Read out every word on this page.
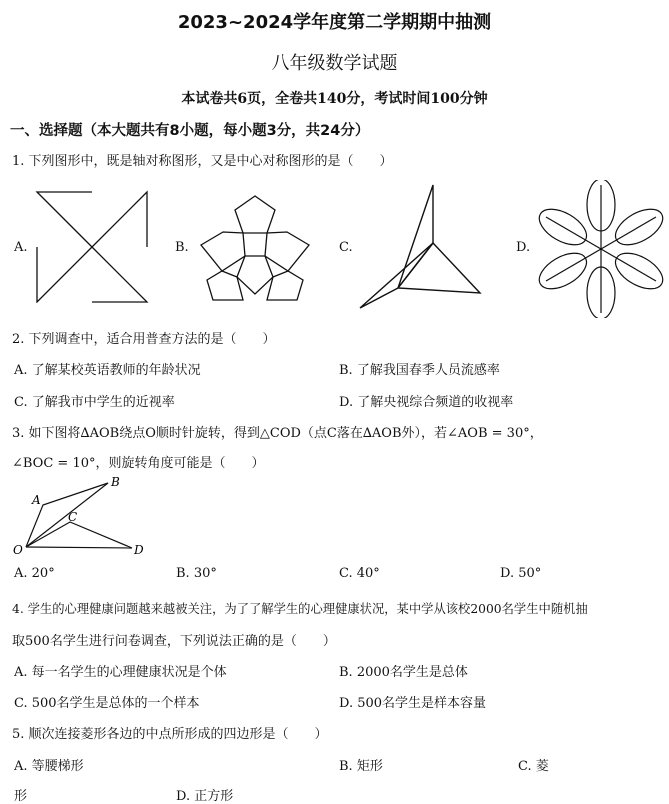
2023~2024学年度第二学期期中抽测
八年级数学试题
本试卷共6页，全卷共140分，考试时间100分钟
一、选择题（本大题共有8小题，每小题3分，共24分）
1. 下列图形中，既是轴对称图形，又是中心对称图形的是（　　）
A.	B.	C.	D.
2. 下列调查中，适合用普查方法的是（　　）
A. 了解某校英语教师的年龄状况	B. 了解我国春季人员流感率
C. 了解我市中学生的近视率	D. 了解央视综合频道的收视率
3. 如下图将∆AOB绕点O顺时针旋转，得到△COD（点C落在∆AOB外），若∠AOB = 30°，
∠BOC = 10°，则旋转角度可能是（　　）
B
A
C
O	D
A. 20°	B. 30°	C. 40°	D. 50°
4. 学生的心理健康问题越来越被关注，为了了解学生的心理健康状况，某中学从该校2000名学生中随机抽
取500名学生进行问卷调查，下列说法正确的是（　　）
A. 每一名学生的心理健康状况是个体	B. 2000名学生是总体
C. 500名学生是总体的一个样本	D. 500名学生是样本容量
5. 顺次连接菱形各边的中点所形成的四边形是（　　）
A. 等腰梯形	B. 矩形	C. 菱
形	D. 正方形
